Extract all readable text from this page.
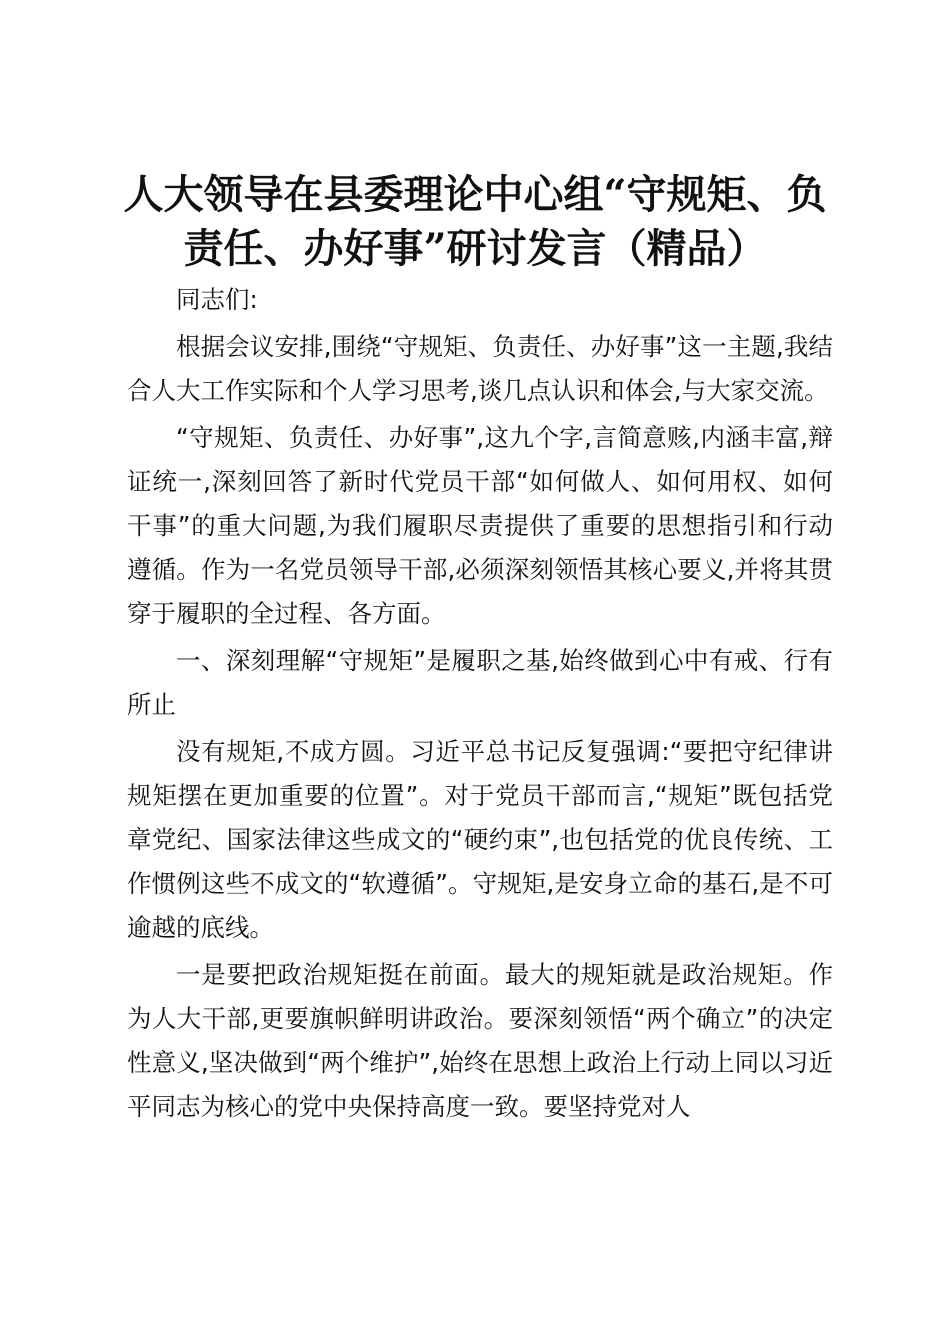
人大领导在县委理论中心组“守规矩、负责任、办好事”研讨发言（精品）

同志们:

根据会议安排,围绕“守规矩、负责任、办好事”这一主题,我结合人大工作实际和个人学习思考,谈几点认识和体会,与大家交流。

“守规矩、负责任、办好事”,这九个字,言简意赅,内涵丰富,辩证统一,深刻回答了新时代党员干部“如何做人、如何用权、如何干事”的重大问题,为我们履职尽责提供了重要的思想指引和行动遵循。作为一名党员领导干部,必须深刻领悟其核心要义,并将其贯穿于履职的全过程、各方面。

一、深刻理解“守规矩”是履职之基,始终做到心中有戒、行有所止

没有规矩,不成方圆。习近平总书记反复强调:“要把守纪律讲规矩摆在更加重要的位置”。对于党员干部而言,“规矩”既包括党章党纪、国家法律这些成文的“硬约束”,也包括党的优良传统、工作惯例这些不成文的“软遵循”。守规矩,是安身立命的基石,是不可逾越的底线。

一是要把政治规矩挺在前面。最大的规矩就是政治规矩。作为人大干部,更要旗帜鲜明讲政治。要深刻领悟“两个确立”的决定性意义,坚决做到“两个维护”,始终在思想上政治上行动上同以习近平同志为核心的党中央保持高度一致。要坚持党对人
